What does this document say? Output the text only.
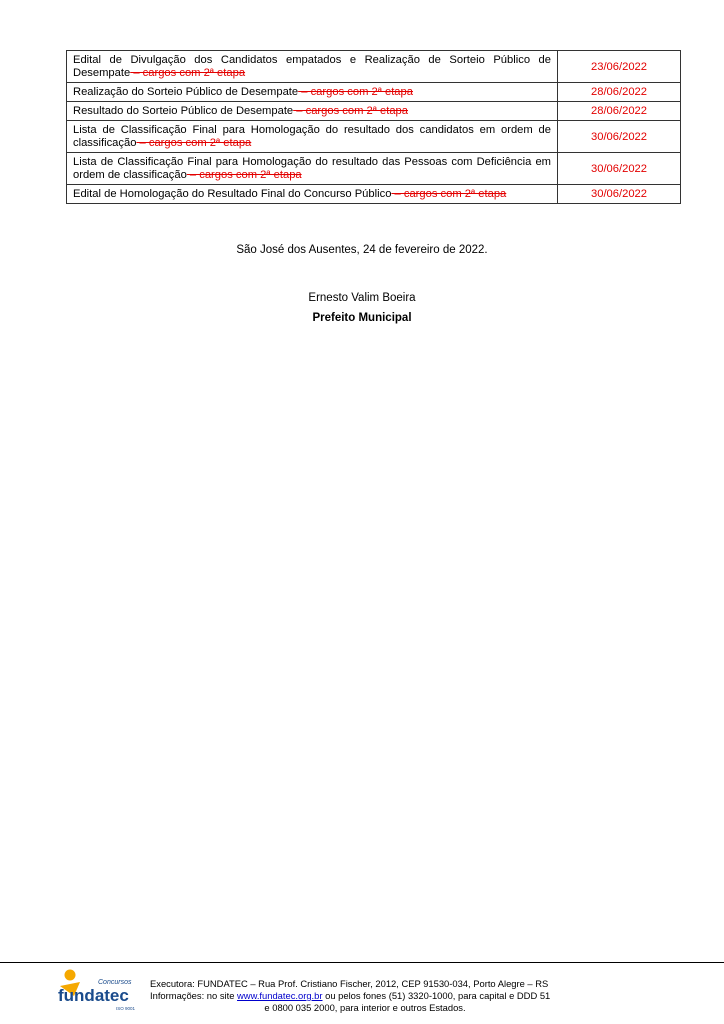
Edital de Divulgação dos Candidatos empatados e Realização de Sorteio Público de Desempate – cargos com 2ª etapa	23/06/2022
Realização do Sorteio Público de Desempate – cargos com 2ª etapa	28/06/2022
Resultado do Sorteio Público de Desempate – cargos com 2ª etapa	28/06/2022
Lista de Classificação Final para Homologação do resultado dos candidatos em ordem de classificação – cargos com 2ª etapa	30/06/2022
Lista de Classificação Final para Homologação do resultado das Pessoas com Deficiência em ordem de classificação – cargos com 2ª etapa	30/06/2022
Edital de Homologação do Resultado Final do Concurso Público – cargos com 2ª etapa	30/06/2022
São José dos Ausentes, 24 de fevereiro de 2022.
Ernesto Valim Boeira
Prefeito Municipal
Concursos
fundatec
ISO 9001
Executora: FUNDATEC – Rua Prof. Cristiano Fischer, 2012, CEP 91530-034, Porto Alegre – RS
Informações: no site www.fundatec.org.br ou pelos fones (51) 3320-1000, para capital e DDD 51
e 0800 035 2000, para interior e outros Estados.
